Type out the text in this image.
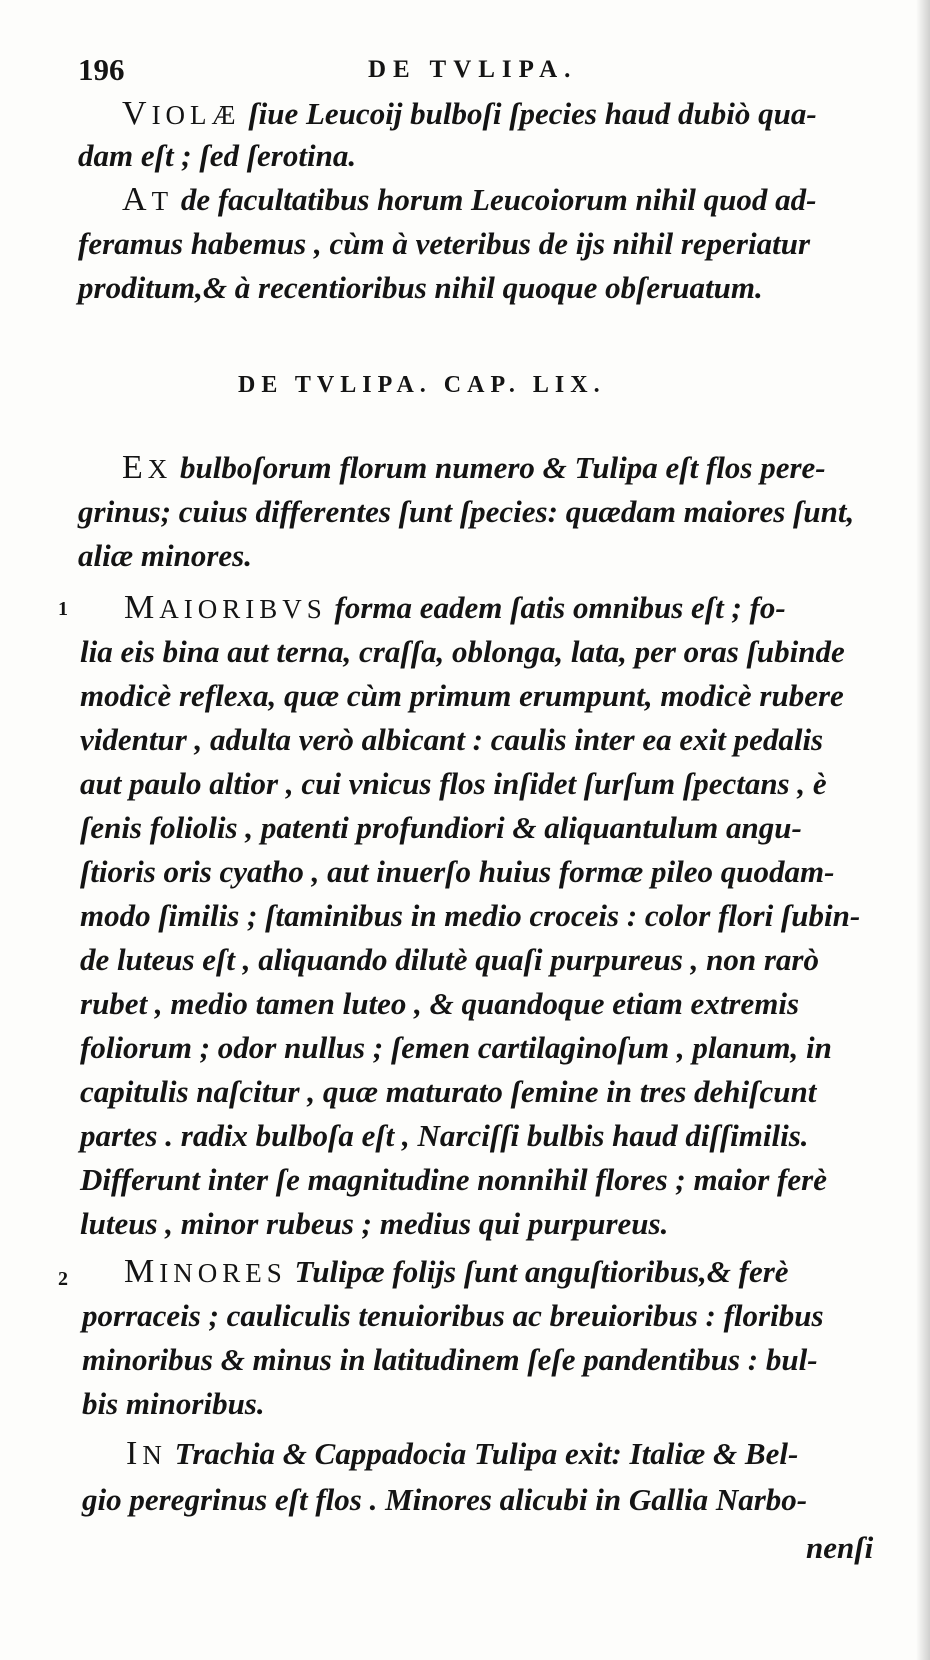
196	DE TVLIPA.
VIOLÆ ſiue Leucoij bulboſi ſpecies haud dubiò qua-
dam eſt ; ſed ſerotina.
AT de facultatibus horum Leucoiorum nihil quod ad-
feramus habemus , cùm à veteribus de ijs nihil reperiatur
proditum,& à recentioribus nihil quoque obſeruatum.
DE TVLIPA. CAP. LIX.
EX bulboſorum florum numero & Tulipa eſt flos pere-
grinus; cuius differentes ſunt ſpecies: quædam maiores ſunt,
aliæ minores.
1 MAIORIBVS forma eadem ſatis omnibus eſt ; fo-
lia eis bina aut terna, craſſa, oblonga, lata, per oras ſubinde
modicè reflexa, quæ cùm primum erumpunt, modicè rubere
videntur , adulta verò albicant : caulis inter ea exit pedalis
aut paulo altior , cui vnicus flos inſidet ſurſum ſpectans , è
ſenis foliolis , patenti profundiori & aliquantulum angu-
ſtioris oris cyatho , aut inuerſo huius formæ pileo quodam-
modo ſimilis ; ſtaminibus in medio croceis : color flori ſubin-
de luteus eſt , aliquando dilutè quaſi purpureus , non rarò
rubet , medio tamen luteo , & quandoque etiam extremis
foliorum ; odor nullus ; ſemen cartilaginoſum , planum, in
capitulis naſcitur , quæ maturato ſemine in tres dehiſcunt
partes . radix bulboſa eſt , Narciſſi bulbis haud diſſimilis.
Differunt inter ſe magnitudine nonnihil flores ; maior ferè
luteus , minor rubeus ; medius qui purpureus.
2 MINORES Tulipæ folijs ſunt anguſtioribus,& ferè
porraceis ; cauliculis tenuioribus ac breuioribus : floribus
minoribus & minus in latitudinem ſeſe pandentibus : bul-
bis minoribus.
IN Trachia & Cappadocia Tulipa exit: Italiæ & Bel-
gio peregrinus eſt flos . Minores alicubi in Gallia Narbo-
nenſi
